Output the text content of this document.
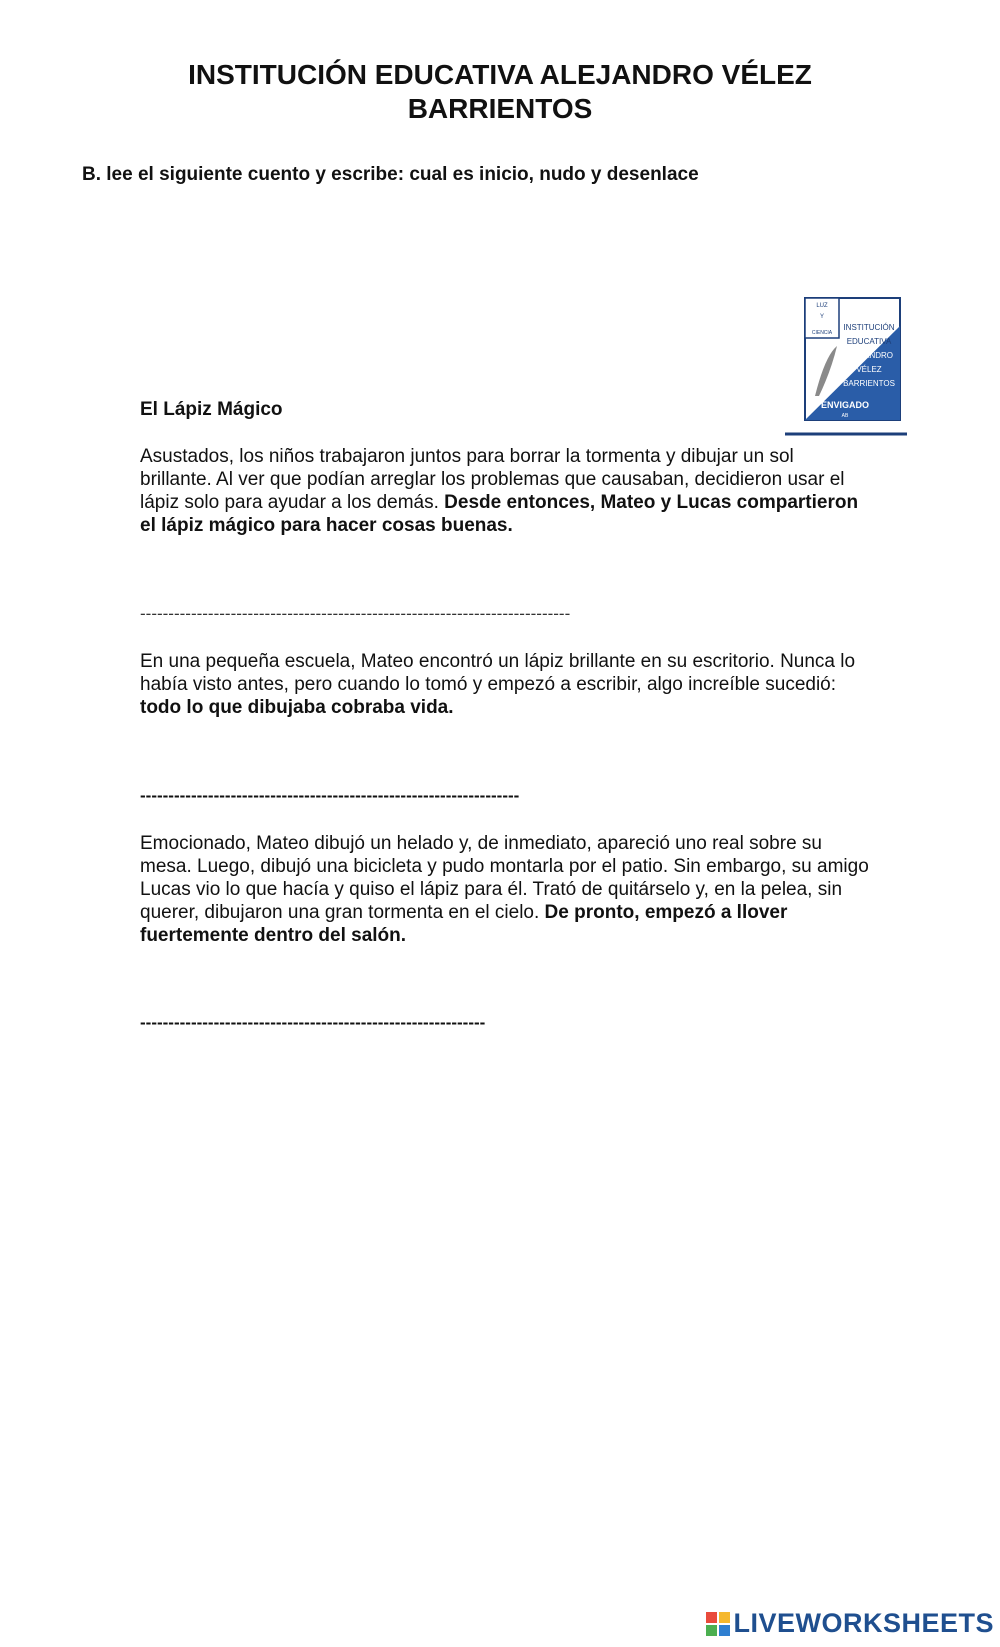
INSTITUCIÓN EDUCATIVA ALEJANDRO VÉLEZ
BARRIENTOS

B. lee el siguiente cuento y escribe: cual es inicio, nudo y desenlace

LUZ
Y
CIENCIA
INSTITUCIÓN
EDUCATIVA
ALEJANDRO
VÉLEZ
BARRIENTOS
ENVIGADO
AB

El Lápiz Mágico

Asustados, los niños trabajaron juntos para borrar la tormenta y dibujar un sol brillante. Al ver que podían arreglar los problemas que causaban, decidieron usar el lápiz solo para ayudar a los demás. Desde entonces, Mateo y Lucas compartieron el lápiz mágico para hacer cosas buenas.

----------------------------------------------------------------------------

En una pequeña escuela, Mateo encontró un lápiz brillante en su escritorio. Nunca lo había visto antes, pero cuando lo tomó y empezó a escribir, algo increíble sucedió: todo lo que dibujaba cobraba vida.

-------------------------------------------------------------------

Emocionado, Mateo dibujó un helado y, de inmediato, apareció uno real sobre su mesa. Luego, dibujó una bicicleta y pudo montarla por el patio. Sin embargo, su amigo Lucas vio lo que hacía y quiso el lápiz para él. Trató de quitárselo y, en la pelea, sin querer, dibujaron una gran tormenta en el cielo. De pronto, empezó a llover fuertemente dentro del salón.

-------------------------------------------------------------

LIVEWORKSHEETS
